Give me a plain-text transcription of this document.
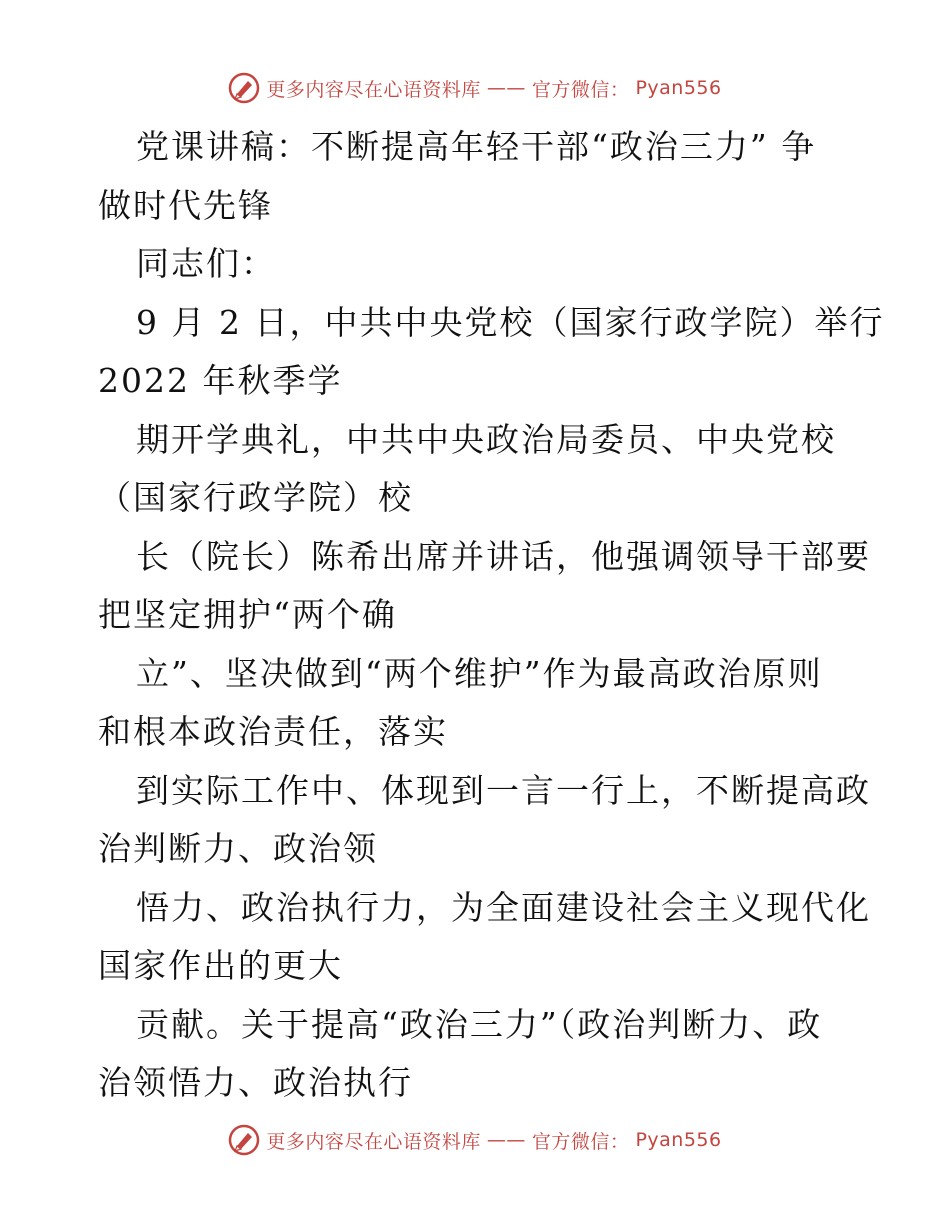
更多内容尽在心语资料库 —— 官方微信： Pyan556
党课讲稿：不断提高年轻干部“政治三力” 争
做时代先锋
同志们：
9 月 2 日，中共中央党校（国家行政学院）举行
2022 年秋季学
期开学典礼，中共中央政治局委员、中央党校
（国家行政学院）校
长（院长）陈希出席并讲话，他强调领导干部要
把坚定拥护“两个确
立”、坚决做到“两个维护”作为最高政治原则
和根本政治责任，落实
到实际工作中、体现到一言一行上，不断提高政
治判断力、政治领
悟力、政治执行力，为全面建设社会主义现代化
国家作出的更大
贡献。关于提高“政治三力”（政治判断力、政
治领悟力、政治执行
更多内容尽在心语资料库 —— 官方微信： Pyan556
